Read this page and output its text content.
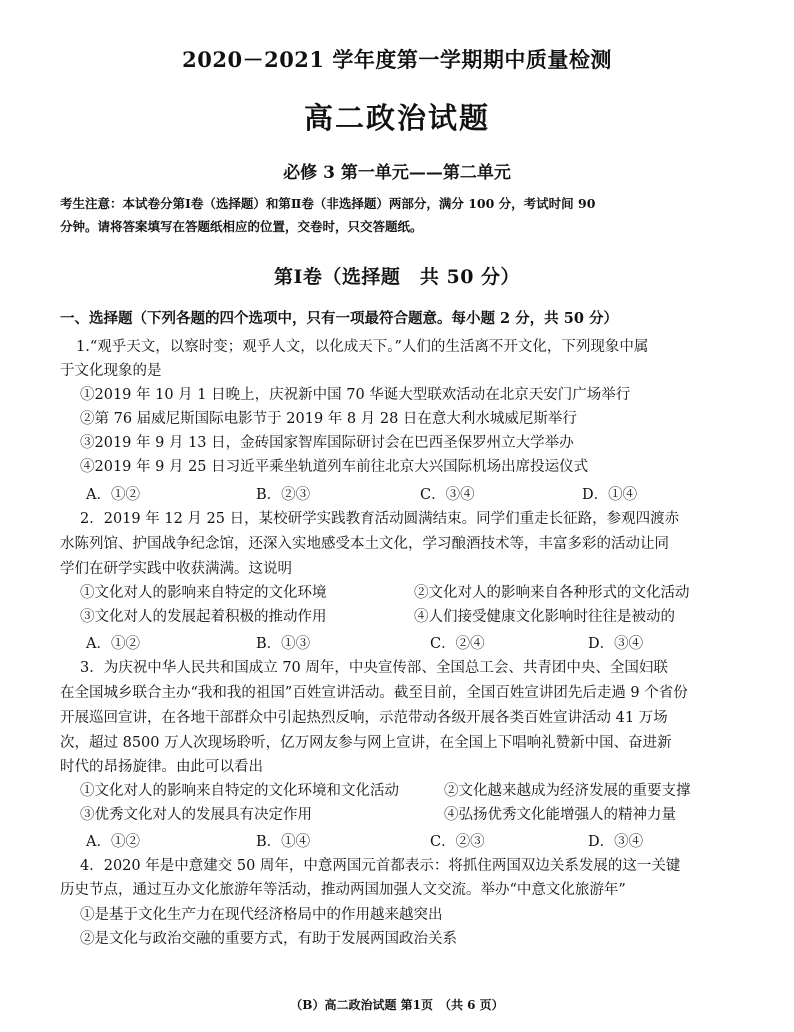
2020－2021 学年度第一学期期中质量检测
高二政治试题
必修 3 第一单元——第二单元
考生注意：本试卷分第Ⅰ卷（选择题）和第Ⅱ卷（非选择题）两部分，满分 100 分，考试时间 90
分钟。请将答案填写在答题纸相应的位置，交卷时，只交答题纸。
第Ⅰ卷（选择题　共 50 分）
一、选择题（下列各题的四个选项中，只有一项最符合题意。每小题 2 分，共 50 分）
1.“观乎天文，以察时变；观乎人文，以化成天下。”人们的生活离不开文化，下列现象中属
于文化现象的是
①2019 年 10 月 1 日晚上，庆祝新中国 70 华诞大型联欢活动在北京天安门广场举行
②第 76 届威尼斯国际电影节于 2019 年 8 月 28 日在意大利水城威尼斯举行
③2019 年 9 月 13 日，金砖国家智库国际研讨会在巴西圣保罗州立大学举办
④2019 年 9 月 25 日习近平乘坐轨道列车前往北京大兴国际机场出席投运仪式
A．①②	B．②③	C．③④	D．①④
2．2019 年 12 月 25 日，某校研学实践教育活动圆满结束。同学们重走长征路，参观四渡赤
水陈列馆、护国战争纪念馆，还深入实地感受本土文化，学习酿酒技术等，丰富多彩的活动让同
学们在研学实践中收获满满。这说明
①文化对人的影响来自特定的文化环境	②文化对人的影响来自各种形式的文化活动
③文化对人的发展起着积极的推动作用	④人们接受健康文化影响时往往是被动的
A．①②	B．①③	C．②④	D．③④
3．为庆祝中华人民共和国成立 70 周年，中央宣传部、全国总工会、共青团中央、全国妇联
在全国城乡联合主办“我和我的祖国”百姓宣讲活动。截至目前，全国百姓宣讲团先后走過 9 个省份
开展巡回宣讲，在各地干部群众中引起热烈反响，示范带动各级开展各类百姓宣讲活动 41 万场
次，超过 8500 万人次现场聆听，亿万网友参与网上宣讲，在全国上下唱响礼赞新中国、奋进新
时代的昂扬旋律。由此可以看出
①文化对人的影响来自特定的文化环境和文化活动	②文化越来越成为经济发展的重要支撑
③优秀文化对人的发展具有决定作用	④弘扬优秀文化能增强人的精神力量
A．①②	B．①④	C．②③	D．③④
4．2020 年是中意建交 50 周年，中意两国元首都表示：将抓住两国双边关系发展的这一关键
历史节点，通过互办文化旅游年等活动，推动两国加强人文交流。举办“中意文化旅游年”
①是基于文化生产力在现代经济格局中的作用越来越突出
②是文化与政治交融的重要方式，有助于发展两国政治关系
（B）高二政治试题 第1页　（共 6 页）
